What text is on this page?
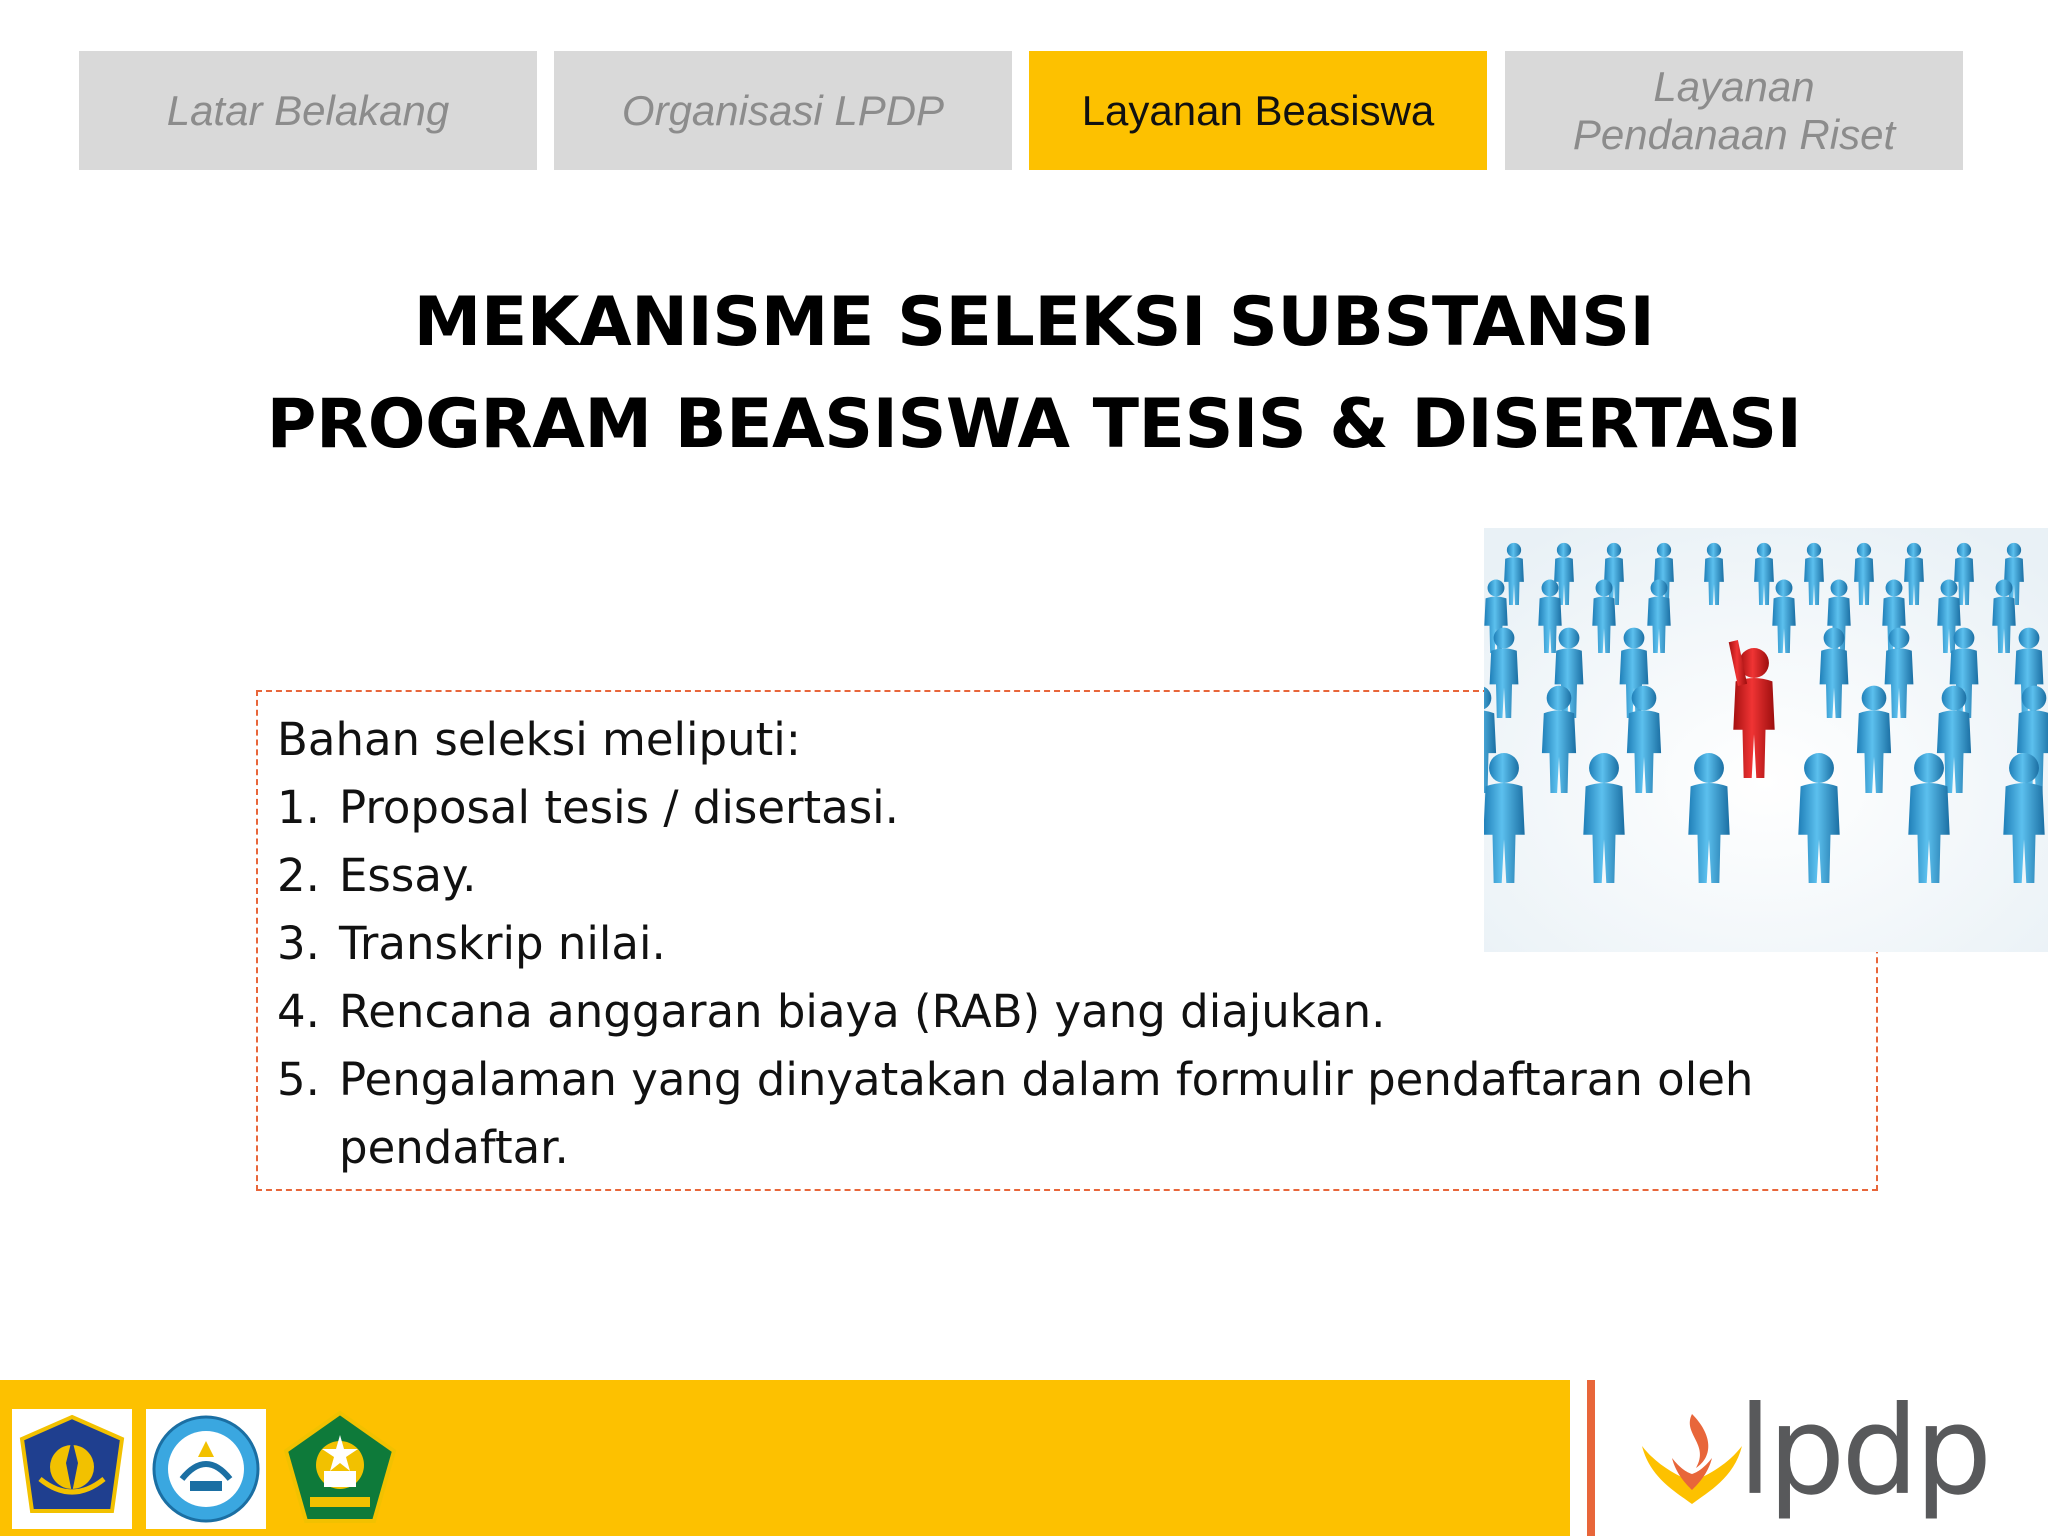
Latar Belakang	Organisasi LPDP	Layanan Beasiswa
Layanan
Pendanaan Riset
MEKANISME SELEKSI SUBSTANSI
PROGRAM BEASISWA TESIS & DISERTASI
Bahan seleksi meliputi:
1. Proposal tesis / disertasi.
2. Essay.
3. Transkrip nilai.
4. Rencana anggaran biaya (RAB) yang diajukan.
5. Pengalaman yang dinyatakan dalam formulir pendaftaran oleh pendaftar.
lpdp
